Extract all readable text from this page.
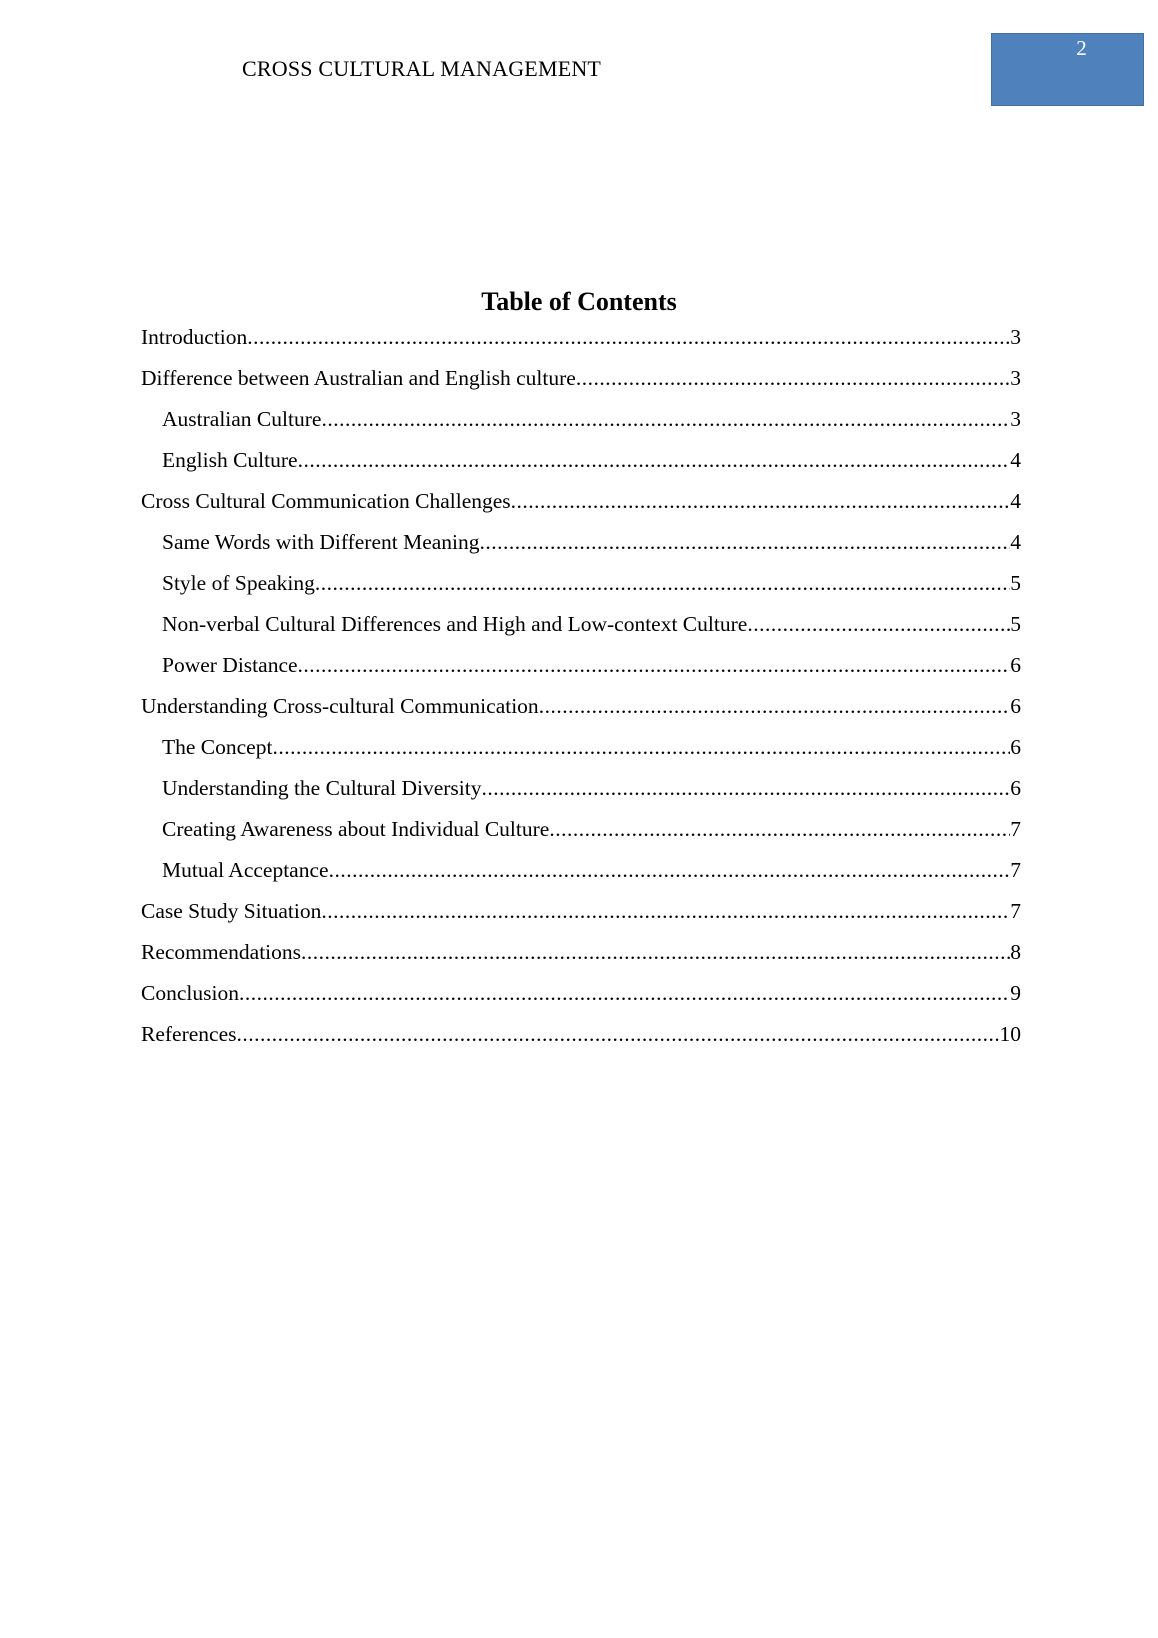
CROSS CULTURAL MANAGEMENT
2
Table of Contents
Introduction .....	3
Difference between Australian and English culture .....	3
Australian Culture .....	3
English Culture .....	4
Cross Cultural Communication Challenges .....	4
Same Words with Different Meaning .....	4
Style of Speaking .....	5
Non-verbal Cultural Differences and High and Low-context Culture .....	5
Power Distance .....	6
Understanding Cross-cultural Communication .....	6
The Concept .....	6
Understanding the Cultural Diversity .....	6
Creating Awareness about Individual Culture .....	7
Mutual Acceptance .....	7
Case Study Situation .....	7
Recommendations .....	8
Conclusion .....	9
References .....	10
